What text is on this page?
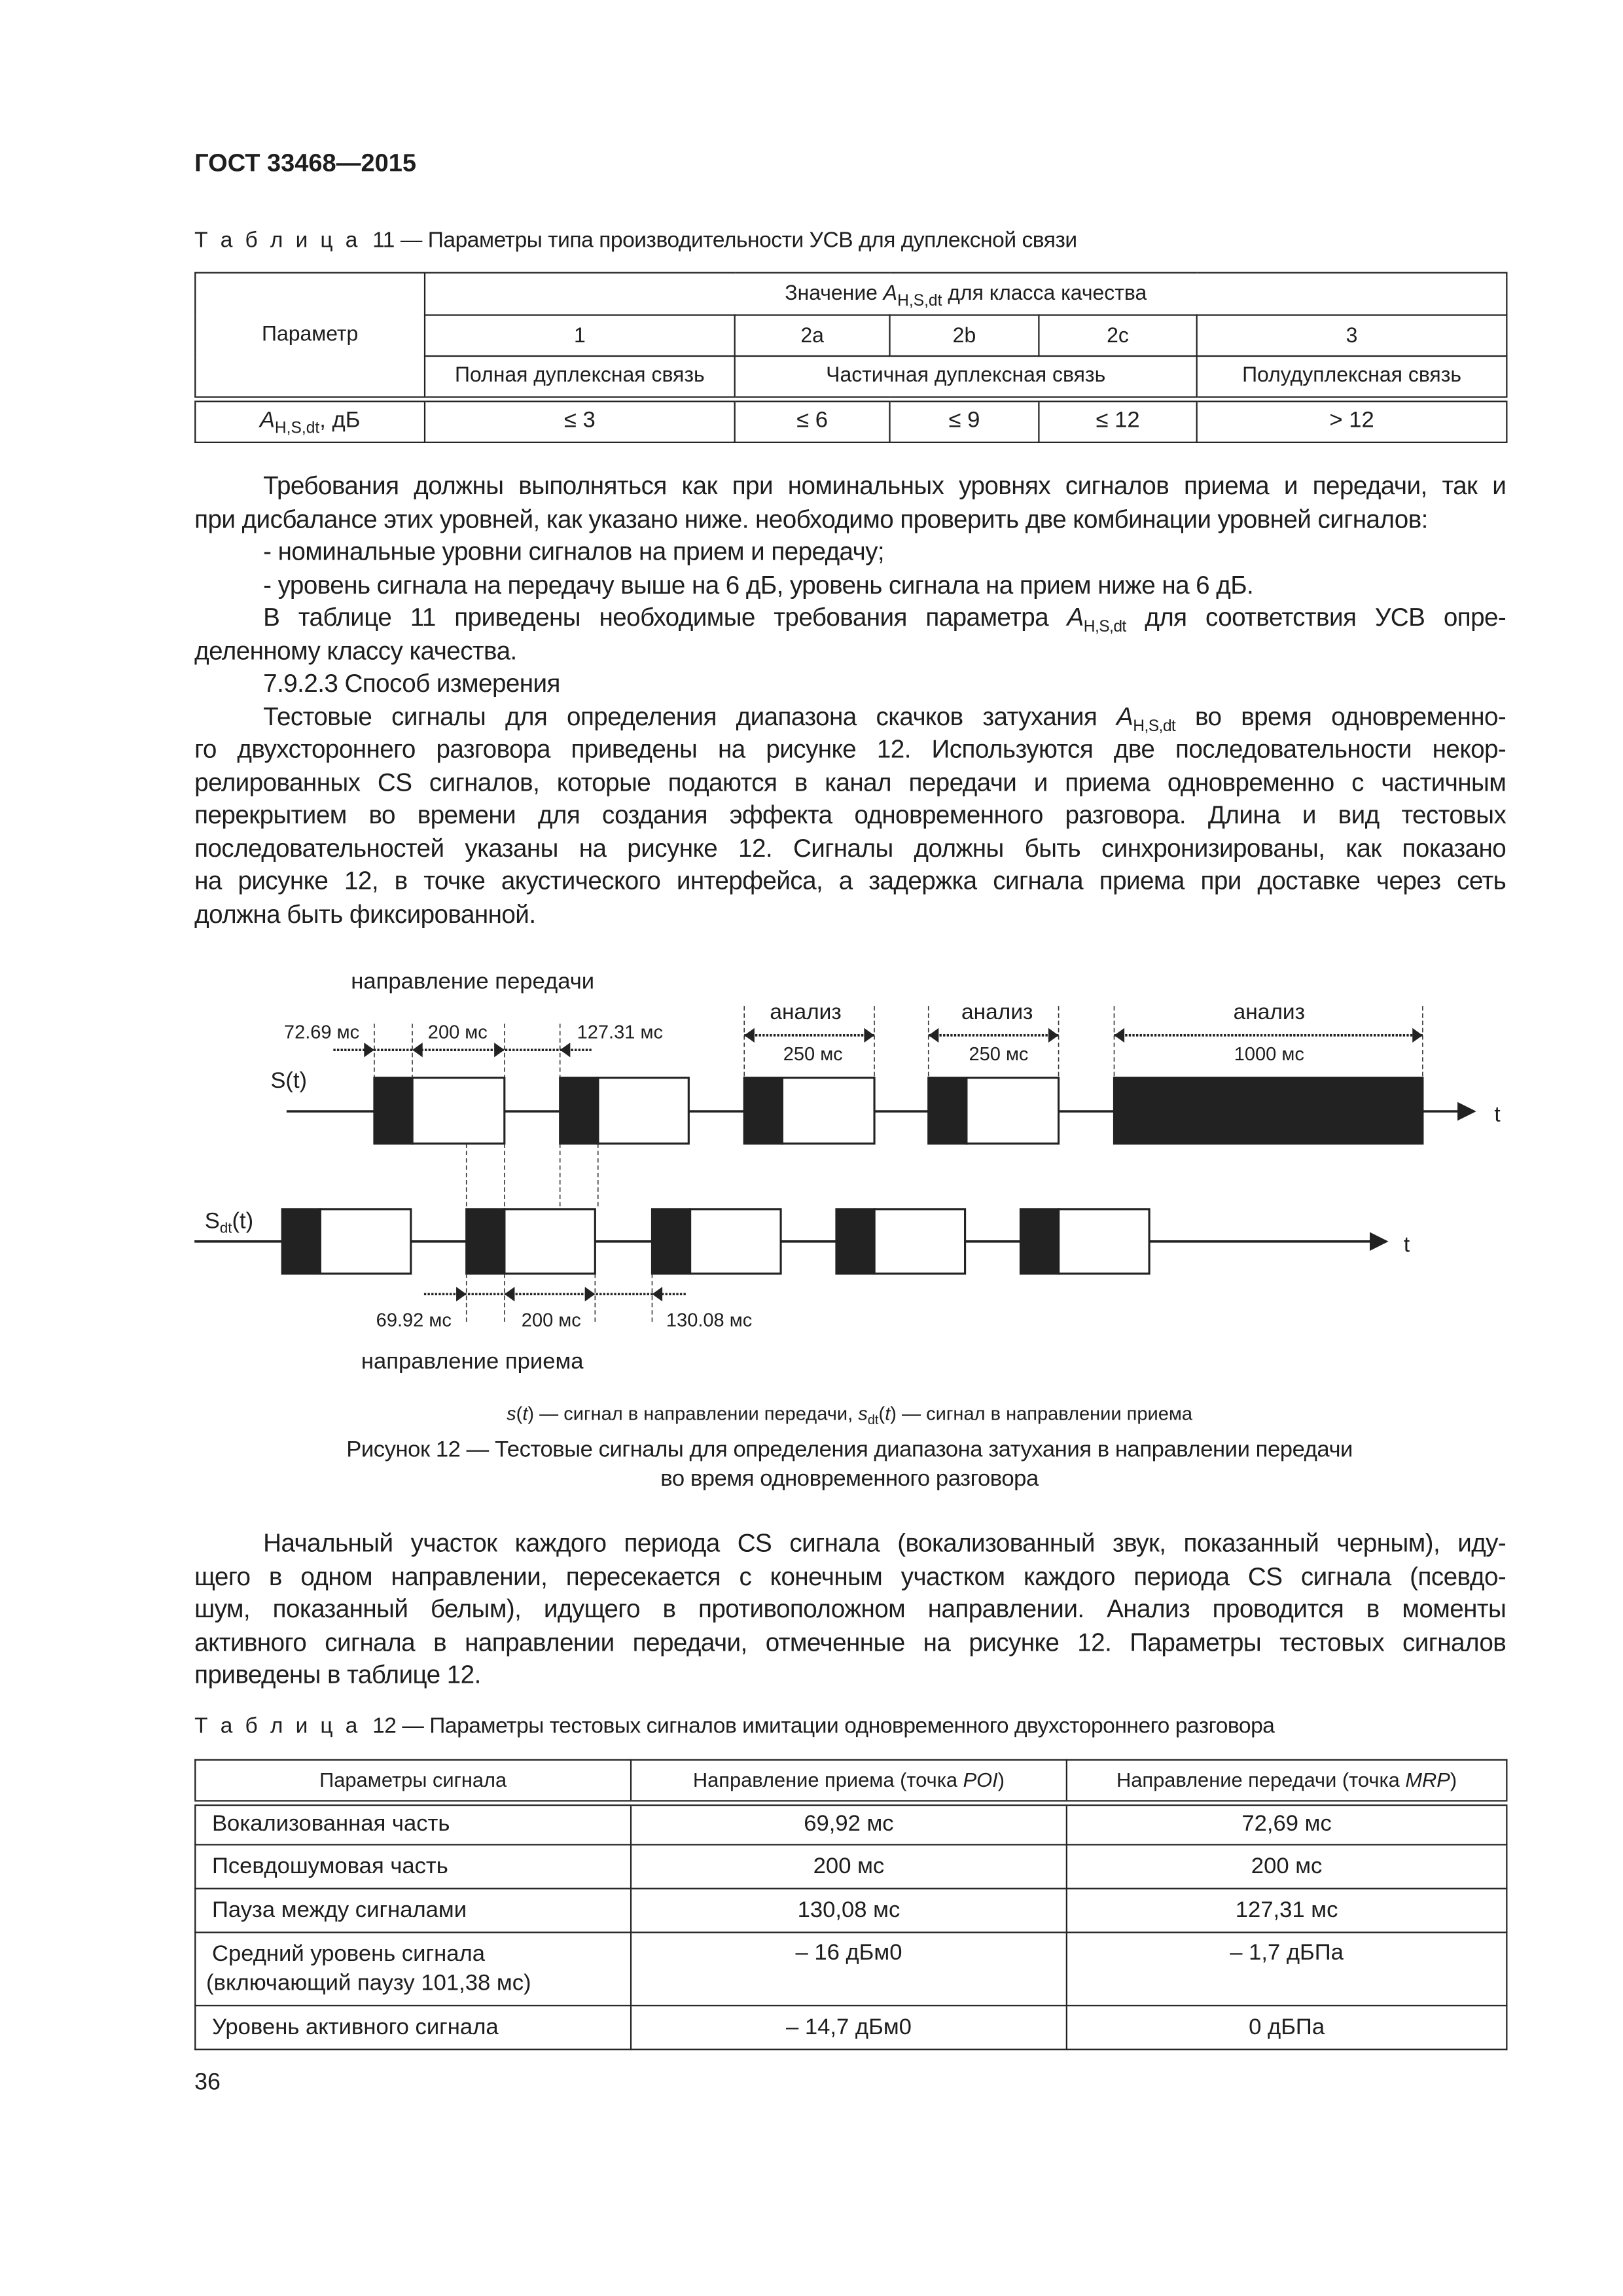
ГОСТ 33468—2015
Т а б л и ц а 11 — Параметры типа производительности УСВ для дуплексной связи
Параметр	Значение $A_{H,S,dt}$ для класса качества				
	1	2a	2b	2c	3
	Полная дуплексная связь	Частичная дуплексная связь			Полудуплексная связь
$A_{H,S,dt}$, дБ	≤ 3	≤ 6	≤ 9	≤ 12	> 12
Требования должны выполняться как при номинальных уровнях сигналов приема и передачи, так и
при дисбалансе этих уровней, как указано ниже. необходимо проверить две комбинации уровней сигналов:
- номинальные уровни сигналов на прием и передачу;
- уровень сигнала на передачу выше на 6 дБ, уровень сигнала на прием ниже на 6 дБ.
В таблице 11 приведены необходимые требования параметра $A_{H,S,dt}$ для соответствия УСВ опре-
деленному классу качества.
7.9.2.3 Способ измерения
Тестовые сигналы для определения диапазона скачков затухания $A_{H,S,dt}$ во время одновременно-
го двухстороннего разговора приведены на рисунке 12. Используются две последовательности некор-
релированных CS сигналов, которые подаются в канал передачи и приема одновременно с частичным
перекрытием во времени для создания эффекта одновременного разговора. Длина и вид тестовых
последовательностей указаны на рисунке 12. Сигналы должны быть синхронизированы, как показано
на рисунке 12, в точке акустического интерфейса, а задержка сигнала приема при доставке через сеть
должна быть фиксированной.
направление передачи
направление приема
S(t)
Sdt(t)
t
t
72.69 мс	200 мс	127.31 мс
анализ	анализ	анализ
250 мс	250 мс	1000 мс
69.92 мс	200 мс	130.08 мс
s(t) — сигнал в направлении передачи, $s_{dt}(t)$ — сигнал в направлении приема
Рисунок 12 — Тестовые сигналы для определения диапазона затухания в направлении передачи
во время одновременного разговора
Начальный участок каждого периода CS сигнала (вокализованный звук, показанный черным), иду-
щего в одном направлении, пересекается с конечным участком каждого периода CS сигнала (псевдо-
шум, показанный белым), идущего в противоположном направлении. Анализ проводится в моменты
активного сигнала в направлении передачи, отмеченные на рисунке 12. Параметры тестовых сигналов
приведены в таблице 12.
Т а б л и ц а 12 — Параметры тестовых сигналов имитации одновременного двухстороннего разговора
Параметры сигнала	Направление приема (точка POI)	Направление передачи (точка MRP)
Вокализованная часть	69,92 мс	72,69 мс
Псевдошумовая часть	200 мс	200 мс
Пауза между сигналами	130,08 мс	127,31 мс
Средний уровень сигнала
(включающий паузу 101,38 мс)	– 16 дБм0	– 1,7 дБПа
Уровень активного сигнала	– 14,7 дБм0	0 дБПа
36
